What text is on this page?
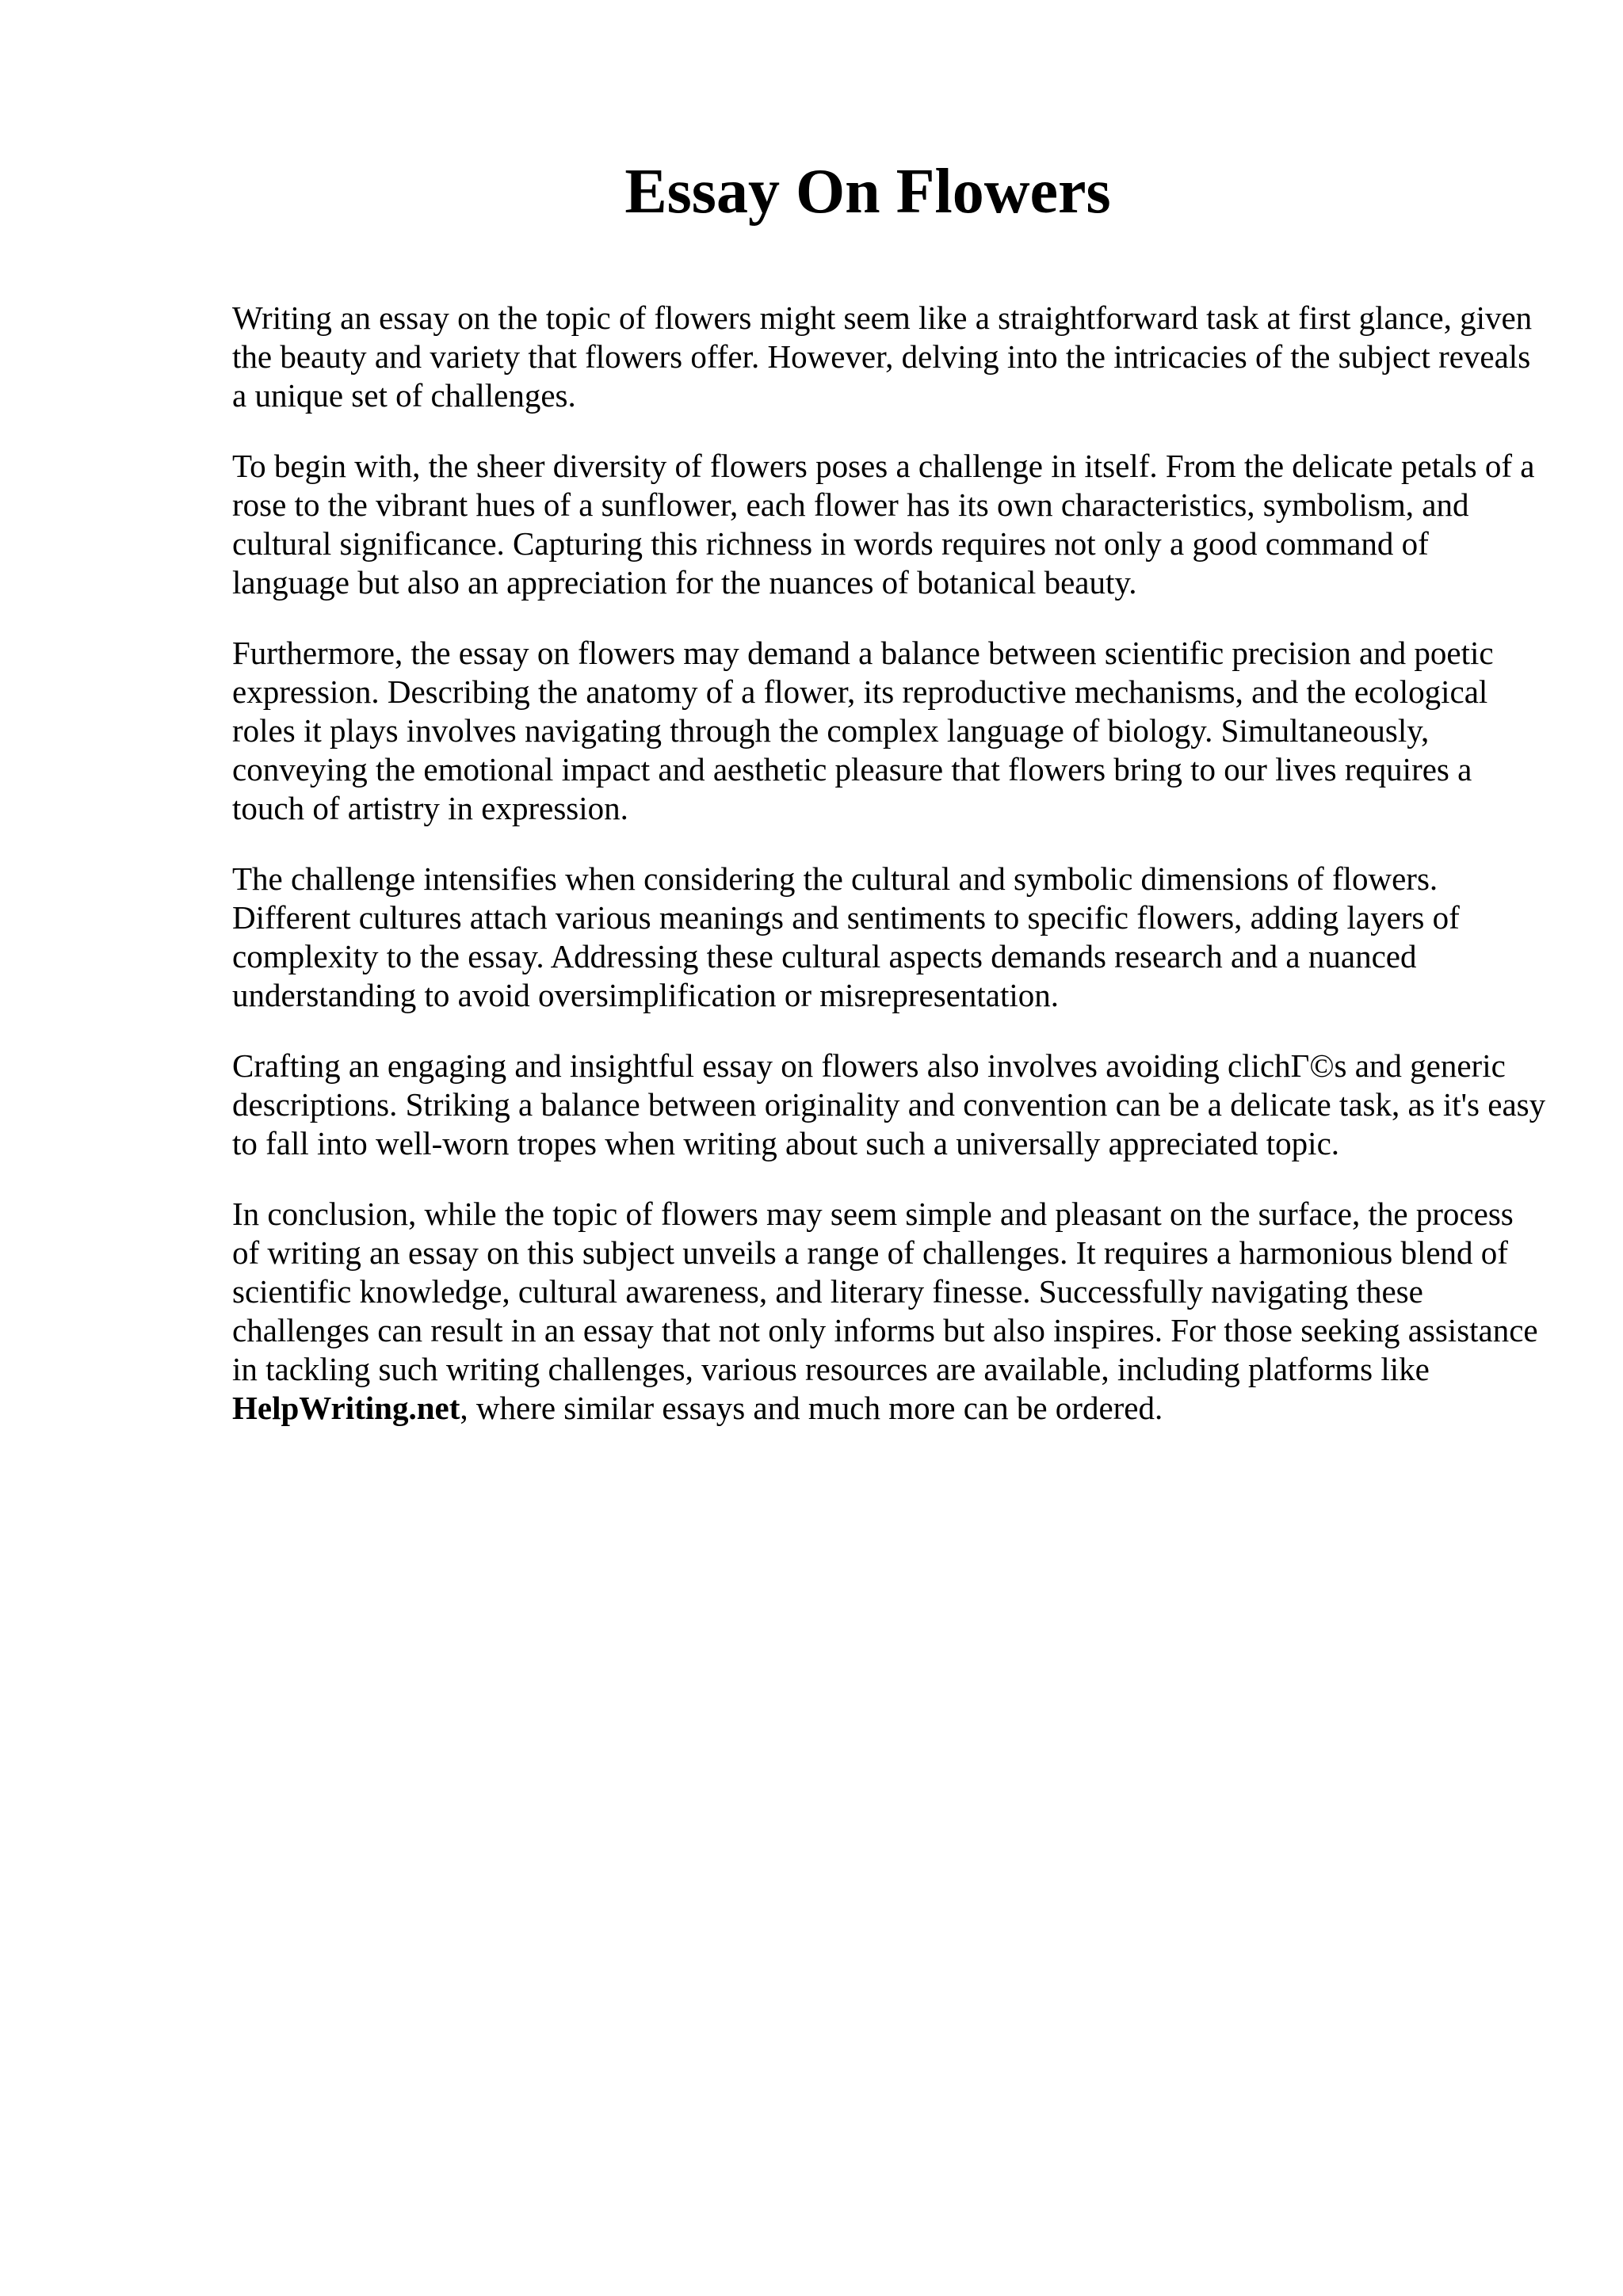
Essay On Flowers

Writing an essay on the topic of flowers might seem like a straightforward task at first glance, given the beauty and variety that flowers offer. However, delving into the intricacies of the subject reveals a unique set of challenges.

To begin with, the sheer diversity of flowers poses a challenge in itself. From the delicate petals of a rose to the vibrant hues of a sunflower, each flower has its own characteristics, symbolism, and cultural significance. Capturing this richness in words requires not only a good command of language but also an appreciation for the nuances of botanical beauty.

Furthermore, the essay on flowers may demand a balance between scientific precision and poetic expression. Describing the anatomy of a flower, its reproductive mechanisms, and the ecological roles it plays involves navigating through the complex language of biology. Simultaneously, conveying the emotional impact and aesthetic pleasure that flowers bring to our lives requires a touch of artistry in expression.

The challenge intensifies when considering the cultural and symbolic dimensions of flowers. Different cultures attach various meanings and sentiments to specific flowers, adding layers of complexity to the essay. Addressing these cultural aspects demands research and a nuanced understanding to avoid oversimplification or misrepresentation.

Crafting an engaging and insightful essay on flowers also involves avoiding clichГ©s and generic descriptions. Striking a balance between originality and convention can be a delicate task, as it's easy to fall into well-worn tropes when writing about such a universally appreciated topic.

In conclusion, while the topic of flowers may seem simple and pleasant on the surface, the process of writing an essay on this subject unveils a range of challenges. It requires a harmonious blend of scientific knowledge, cultural awareness, and literary finesse. Successfully navigating these challenges can result in an essay that not only informs but also inspires. For those seeking assistance in tackling such writing challenges, various resources are available, including platforms like HelpWriting.net, where similar essays and much more can be ordered.
